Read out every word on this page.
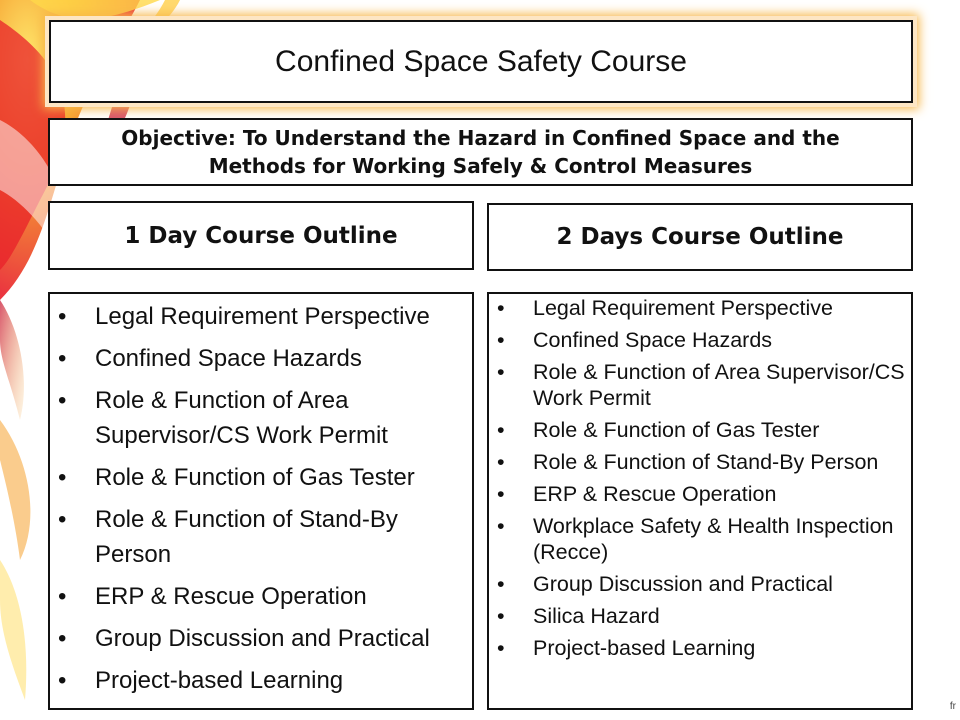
Confined Space Safety Course
Objective: To Understand the Hazard in Confined Space and the
Methods for Working Safely & Control Measures
1 Day Course Outline	2 Days Course Outline
• Legal Requirement Perspective
• Confined Space Hazards
• Role & Function of Area Supervisor/CS Work Permit
• Role & Function of Gas Tester
• Role & Function of Stand-By Person
• ERP & Rescue Operation
• Group Discussion and Practical
• Project-based Learning
• Legal Requirement Perspective
• Confined Space Hazards
• Role & Function of Area Supervisor/CS Work Permit
• Role & Function of Gas Tester
• Role & Function of Stand-By Person
• ERP & Rescue Operation
• Workplace Safety & Health Inspection (Recce)
• Group Discussion and Practical
• Silica Hazard
• Project-based Learning
fr
